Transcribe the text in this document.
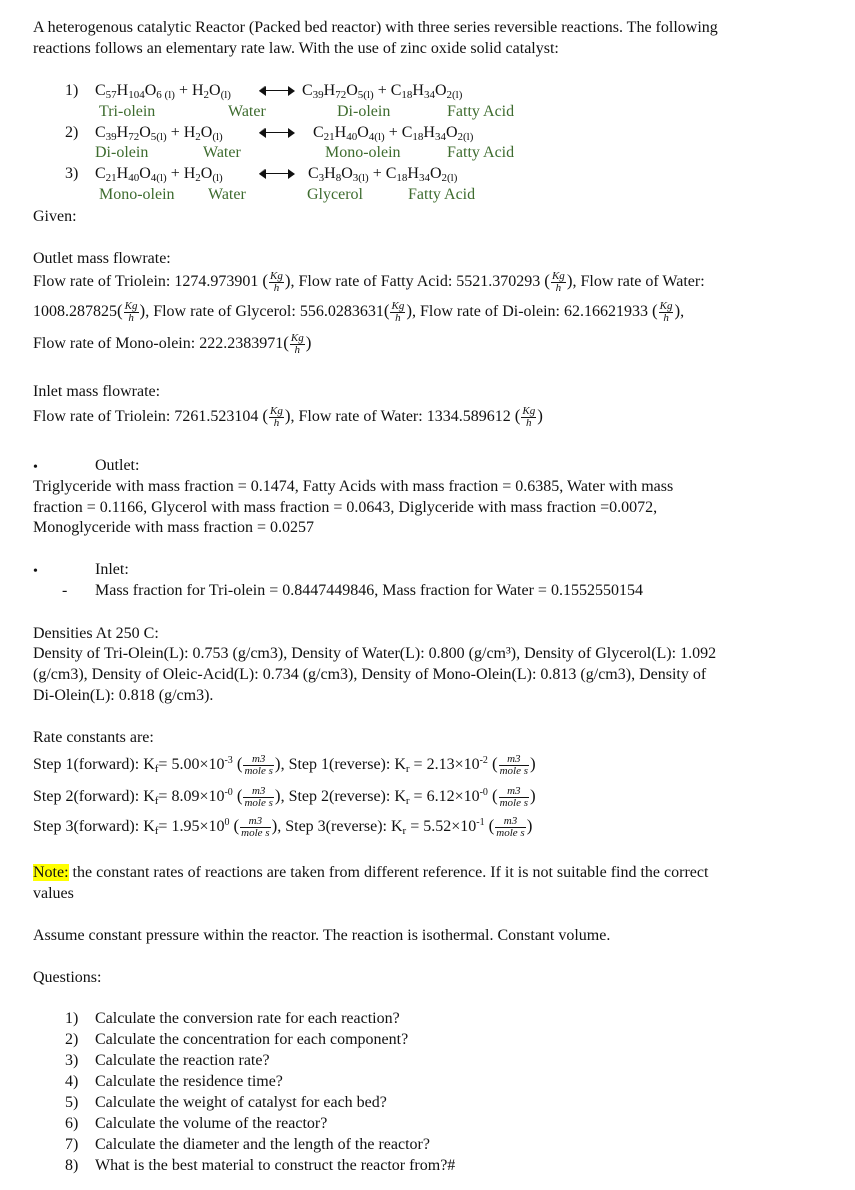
A heterogenous catalytic Reactor (Packed bed reactor) with three series reversible reactions. The following
reactions follows an elementary rate law. With the use of zinc oxide solid catalyst:
1) $C_{57}H_{104}O_{6 (l)} + H_2O_{(l)}$	$C_{39}H_{72}O_{5(l)} + C_{18}H_{34}O_{2(l)}$
Tri-olein	Water	Di-olein	Fatty Acid
2) $C_{39}H_{72}O_{5(l)} + H_2O_{(l)}$	$C_{21}H_{40}O_{4(l)} + C_{18}H_{34}O_{2(l)}$
Di-olein	Water	Mono-olein	Fatty Acid
3) $C_{21}H_{40}O_{4(l)} + H_2O_{(l)}$	$C_3H_8O_{3(l)} + C_{18}H_{34}O_{2(l)}$
Mono-olein Water	Glycerol	Fatty Acid
Given:
Outlet mass flowrate:
Flow rate of Triolein: 1274.973901 ( $\frac{Kg}{h}$ ), Flow rate of Fatty Acid: 5521.370293 ( $\frac{Kg}{h}$ ), Flow rate of Water:
$1008.287825( \frac{Kg}{h}$ ), Flow rate of Glycerol: $556.0283631( \frac{Kg}{h}$ ), Flow rate of Di-olein: 62.16621933 ( $\frac{Kg}{h}$ ),
Flow rate of Mono-olein: $222.2383971( \frac{Kg}{h}$ )
Inlet mass flowrate:
Flow rate of Triolein: 7261.523104 ( $\frac{Kg}{h}$ ), Flow rate of Water: 1334.589612 ( $\frac{Kg}{h}$ )
•	Outlet:
Triglyceride with mass fraction = 0.1474, Fatty Acids with mass fraction = 0.6385, Water with mass
fraction = 0.1166, Glycerol with mass fraction = 0.0643, Diglyceride with mass fraction =0.0072,
Monoglyceride with mass fraction = 0.0257
•	Inlet:
- Mass fraction for Tri-olein = 0.8447449846, Mass fraction for Water = 0.1552550154
Densities At 250 C:
Density of Tri-Olein(L): 0.753 (g/cm3), Density of Water(L): 0.800 (g/cm³), Density of Glycerol(L): 1.092
(g/cm3), Density of Oleic-Acid(L): 0.734 (g/cm3), Density of Mono-Olein(L): 0.813 (g/cm3), Density of
Di-Olein(L): 0.818 (g/cm3).
Rate constants are:
Step 1(forward): $K_f= 5.00\times 10^{-3}$ ( $\frac{m3}{\text{mole s}}$ ), Step 1(reverse): $K_r = 2.13\times 10^{-2}$ ( $\frac{m3}{\text{mole s}}$ )
Step 2(forward): $K_f= 8.09\times 10^{-0}$ ( $\frac{m3}{\text{mole s}}$ ), Step 2(reverse): $K_r = 6.12\times 10^{-0}$ ( $\frac{m3}{\text{mole s}}$ )
Step 3(forward): $K_f= 1.95\times 10^0$ ( $\frac{m3}{\text{mole s}}$ ), Step 3(reverse): $K_r = 5.52\times 10^{-1}$ ( $\frac{m3}{\text{mole s}}$ )
Note: the constant rates of reactions are taken from different reference. If it is not suitable find the correct
values
Assume constant pressure within the reactor. The reaction is isothermal. Constant volume.
Questions:
1) Calculate the conversion rate for each reaction?
2) Calculate the concentration for each component?
3) Calculate the reaction rate?
4) Calculate the residence time?
5) Calculate the weight of catalyst for each bed?
6) Calculate the volume of the reactor?
7) Calculate the diameter and the length of the reactor?
8) What is the best material to construct the reactor from?#
